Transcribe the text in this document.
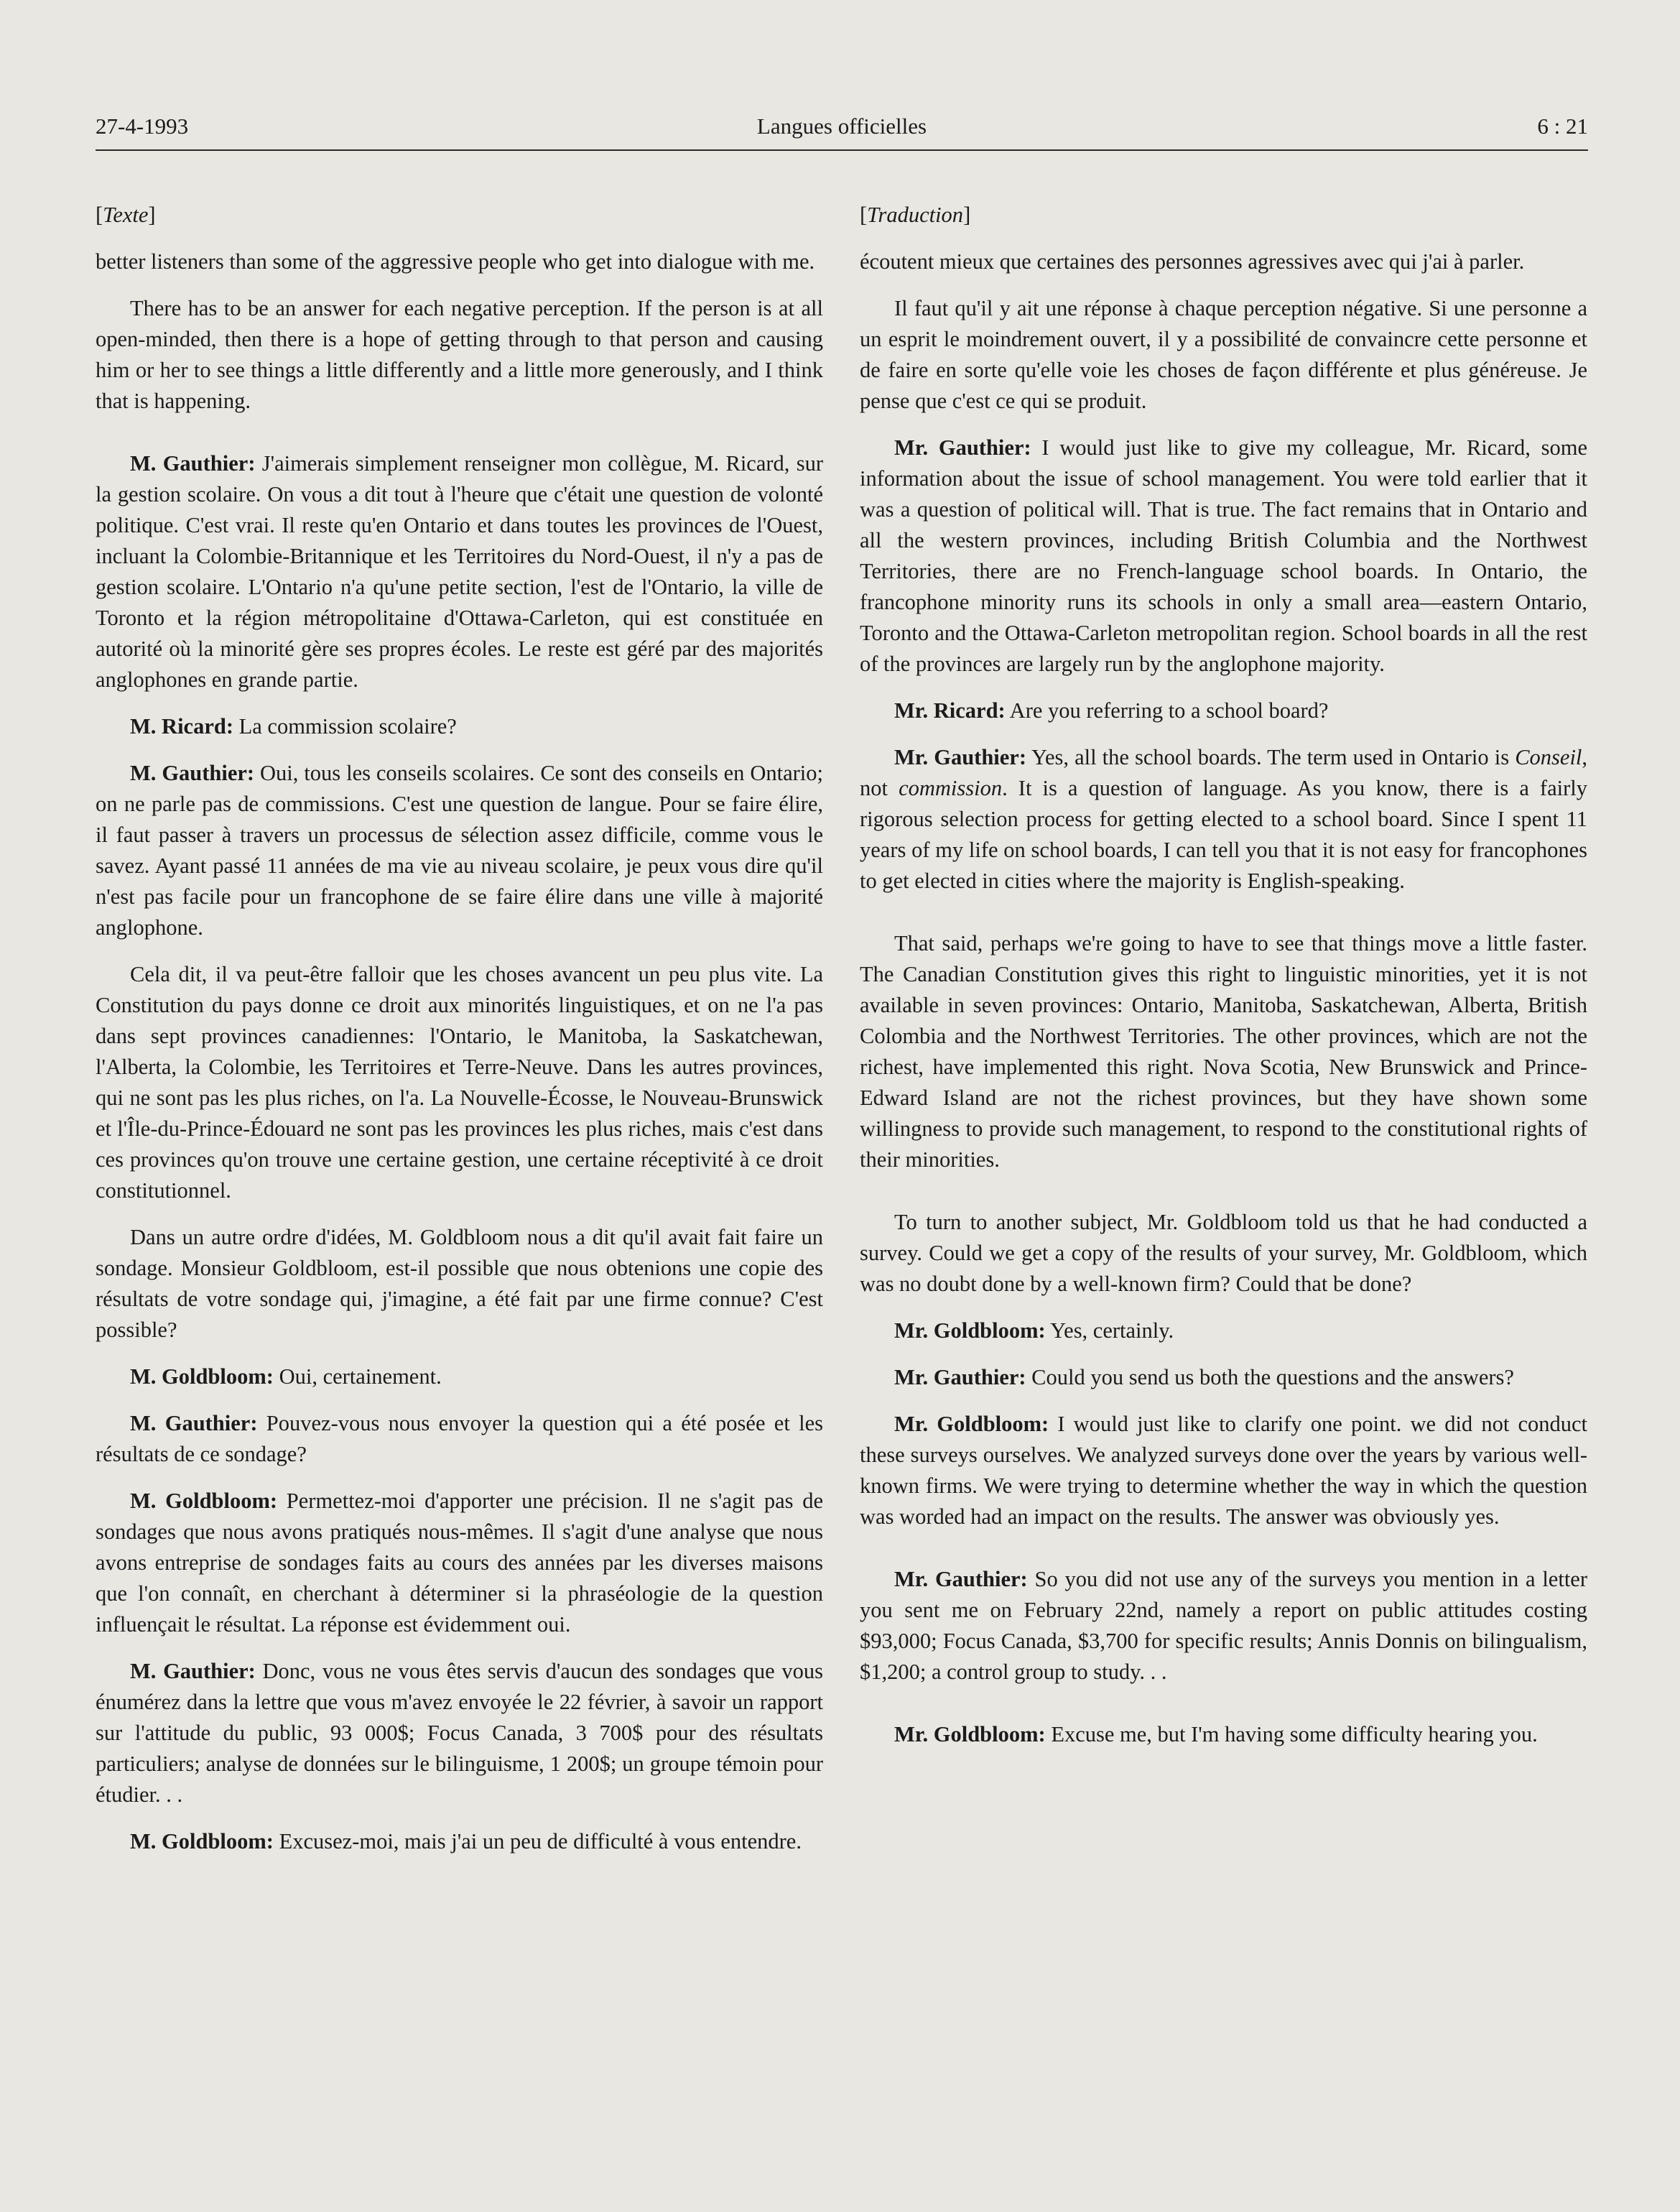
27-4-1993	Langues officielles	6 : 21
[Texte]

better listeners than some of the aggressive people who get into dialogue with me.

There has to be an answer for each negative perception. If the person is at all open-minded, then there is a hope of getting through to that person and causing him or her to see things a little differently and a little more generously, and I think that is happening.

M. Gauthier: J'aimerais simplement renseigner mon collègue, M. Ricard, sur la gestion scolaire. On vous a dit tout à l'heure que c'était une question de volonté politique. C'est vrai. Il reste qu'en Ontario et dans toutes les provinces de l'Ouest, incluant la Colombie-Britannique et les Territoires du Nord-Ouest, il n'y a pas de gestion scolaire. L'Ontario n'a qu'une petite section, l'est de l'Ontario, la ville de Toronto et la région métropolitaine d'Ottawa-Carleton, qui est constituée en autorité où la minorité gère ses propres écoles. Le reste est géré par des majorités anglophones en grande partie.

M. Ricard: La commission scolaire?

M. Gauthier: Oui, tous les conseils scolaires. Ce sont des conseils en Ontario; on ne parle pas de commissions. C'est une question de langue. Pour se faire élire, il faut passer à travers un processus de sélection assez difficile, comme vous le savez. Ayant passé 11 années de ma vie au niveau scolaire, je peux vous dire qu'il n'est pas facile pour un francophone de se faire élire dans une ville à majorité anglophone.

Cela dit, il va peut-être falloir que les choses avancent un peu plus vite. La Constitution du pays donne ce droit aux minorités linguistiques, et on ne l'a pas dans sept provinces canadiennes: l'Ontario, le Manitoba, la Saskatchewan, l'Alberta, la Colombie, les Territoires et Terre-Neuve. Dans les autres provinces, qui ne sont pas les plus riches, on l'a. La Nouvelle-Écosse, le Nouveau-Brunswick et l'Île-du-Prince-Édouard ne sont pas les provinces les plus riches, mais c'est dans ces provinces qu'on trouve une certaine gestion, une certaine réceptivité à ce droit constitutionnel.

Dans un autre ordre d'idées, M. Goldbloom nous a dit qu'il avait fait faire un sondage. Monsieur Goldbloom, est-il possible que nous obtenions une copie des résultats de votre sondage qui, j'imagine, a été fait par une firme connue? C'est possible?

M. Goldbloom: Oui, certainement.

M. Gauthier: Pouvez-vous nous envoyer la question qui a été posée et les résultats de ce sondage?

M. Goldbloom: Permettez-moi d'apporter une précision. Il ne s'agit pas de sondages que nous avons pratiqués nous-mêmes. Il s'agit d'une analyse que nous avons entreprise de sondages faits au cours des années par les diverses maisons que l'on connaît, en cherchant à déterminer si la phraséologie de la question influençait le résultat. La réponse est évidemment oui.

M. Gauthier: Donc, vous ne vous êtes servis d'aucun des sondages que vous énumérez dans la lettre que vous m'avez envoyée le 22 février, à savoir un rapport sur l'attitude du public, 93 000$; Focus Canada, 3 700$ pour des résultats particuliers; analyse de données sur le bilinguisme, 1 200$; un groupe témoin pour étudier. . .

M. Goldbloom: Excusez-moi, mais j'ai un peu de difficulté à vous entendre.

[Traduction]

écoutent mieux que certaines des personnes agressives avec qui j'ai à parler.

Il faut qu'il y ait une réponse à chaque perception négative. Si une personne a un esprit le moindrement ouvert, il y a possibilité de convaincre cette personne et de faire en sorte qu'elle voie les choses de façon différente et plus généreuse. Je pense que c'est ce qui se produit.

Mr. Gauthier: I would just like to give my colleague, Mr. Ricard, some information about the issue of school management. You were told earlier that it was a question of political will. That is true. The fact remains that in Ontario and all the western provinces, including British Columbia and the Northwest Territories, there are no French-language school boards. In Ontario, the francophone minority runs its schools in only a small area—eastern Ontario, Toronto and the Ottawa-Carleton metropolitan region. School boards in all the rest of the provinces are largely run by the anglophone majority.

Mr. Ricard: Are you referring to a school board?

Mr. Gauthier: Yes, all the school boards. The term used in Ontario is Conseil, not commission. It is a question of language. As you know, there is a fairly rigorous selection process for getting elected to a school board. Since I spent 11 years of my life on school boards, I can tell you that it is not easy for francophones to get elected in cities where the majority is English-speaking.

That said, perhaps we're going to have to see that things move a little faster. The Canadian Constitution gives this right to linguistic minorities, yet it is not available in seven provinces: Ontario, Manitoba, Saskatchewan, Alberta, British Colombia and the Northwest Territories. The other provinces, which are not the richest, have implemented this right. Nova Scotia, New Brunswick and Prince-Edward Island are not the richest provinces, but they have shown some willingness to provide such management, to respond to the constitutional rights of their minorities.

To turn to another subject, Mr. Goldbloom told us that he had conducted a survey. Could we get a copy of the results of your survey, Mr. Goldbloom, which was no doubt done by a well-known firm? Could that be done?

Mr. Goldbloom: Yes, certainly.

Mr. Gauthier: Could you send us both the questions and the answers?

Mr. Goldbloom: I would just like to clarify one point. we did not conduct these surveys ourselves. We analyzed surveys done over the years by various well-known firms. We were trying to determine whether the way in which the question was worded had an impact on the results. The answer was obviously yes.

Mr. Gauthier: So you did not use any of the surveys you mention in a letter you sent me on February 22nd, namely a report on public attitudes costing $93,000; Focus Canada, $3,700 for specific results; Annis Donnis on bilingualism, $1,200; a control group to study. . .

Mr. Goldbloom: Excuse me, but I'm having some difficulty hearing you.
